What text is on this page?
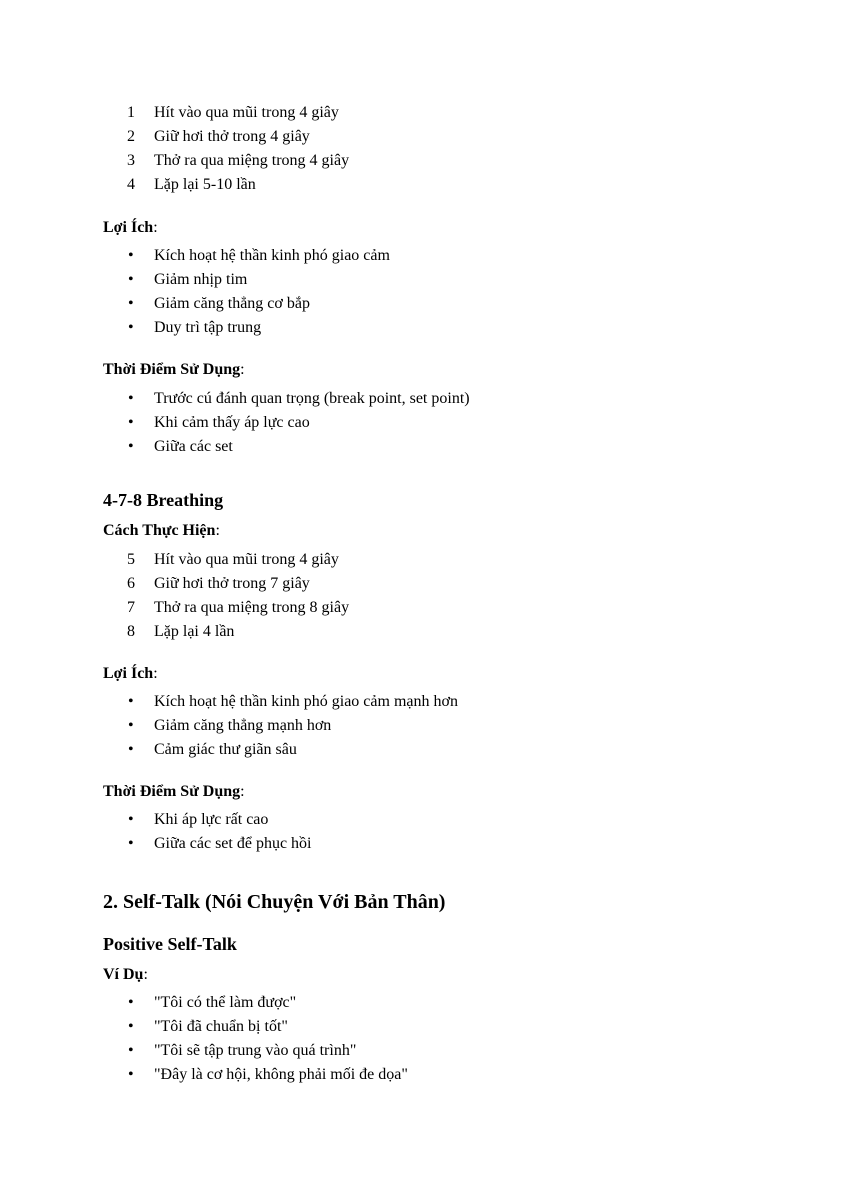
1	Hít vào qua mũi trong 4 giây
2	Giữ hơi thở trong 4 giây
3	Thở ra qua miệng trong 4 giây
4	Lặp lại 5-10 lần
Lợi Ích:
• Kích hoạt hệ thần kinh phó giao cảm
• Giảm nhịp tim
• Giảm căng thẳng cơ bắp
• Duy trì tập trung
Thời Điểm Sử Dụng:
• Trước cú đánh quan trọng (break point, set point)
• Khi cảm thấy áp lực cao
• Giữa các set
4-7-8 Breathing
Cách Thực Hiện:
5	Hít vào qua mũi trong 4 giây
6	Giữ hơi thở trong 7 giây
7	Thở ra qua miệng trong 8 giây
8	Lặp lại 4 lần
Lợi Ích:
• Kích hoạt hệ thần kinh phó giao cảm mạnh hơn
• Giảm căng thẳng mạnh hơn
• Cảm giác thư giãn sâu
Thời Điểm Sử Dụng:
• Khi áp lực rất cao
• Giữa các set để phục hồi
2. Self-Talk (Nói Chuyện Với Bản Thân)
Positive Self-Talk
Ví Dụ:
• "Tôi có thể làm được"
• "Tôi đã chuẩn bị tốt"
• "Tôi sẽ tập trung vào quá trình"
• "Đây là cơ hội, không phải mối đe dọa"
